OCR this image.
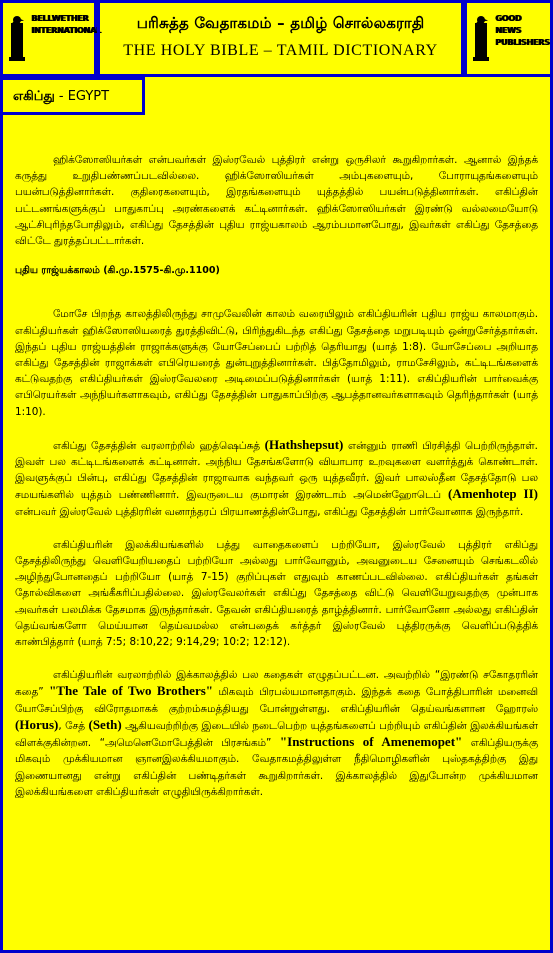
BELLWETHER
INTERNATIONAL	பரிசுத்த வேதாகமம் – தமிழ் சொல்லகராதி
THE HOLY BIBLE – TAMIL DICTIONARY
GOOD NEWS
PUBLISHERS
எகிப்து - EGYPT

ஹிக்ஸோஸியர்கள் என்பவர்கள் இஸ்ரவேல் புத்திரர் என்று ஒருசிலர் கூறுகிறார்கள். ஆனால் இந்தக் கருத்து உறுதிபண்ணப்படவில்லை. ஹிக்ஸோஸியர்கள் அம்புகளையும், போராயுதங்களையும் பயன்படுத்தினார்கள். குதிரைகளையும், இரதங்களையும் யுத்தத்தில் பயன்படுத்தினார்கள். எகிப்தின் பட்டணங்களுக்குப் பாதுகாப்பு அரண்களைக் கட்டினார்கள். ஹிக்ஸோஸியர்கள் இரண்டு வல்லமையோடு ஆட்சிபுரிந்தபோதிலும், எகிப்து தேசத்தின் புதிய ராஜ்யகாலம் ஆரம்பமானபோது, இவர்கள் எகிப்து தேசத்தை விட்டே துரத்தப்பட்டார்கள்.

புதிய ராஜ்யக்காலம் (கி.மு.1575-கி.மு.1100)

மோசே பிறந்த காலத்திலிருந்து சாமுவேலின் காலம் வரையிலும் எகிப்தியரின் புதிய ராஜ்ய காலமாகும். எகிப்தியர்கள் ஹிக்ஸோஸியரைத் துரத்திவிட்டு, பிரிந்துகிடந்த எகிப்து தேசத்தை மறுபடியும் ஒன்றுசேர்த்தார்கள். இந்தப் புதிய ராஜ்யத்தின் ராஜாக்களுக்கு யோசேப்பைப் பற்றித் தெரியாது (யாத் 1:8). யோசேப்பை அறியாத எகிப்து தேசத்தின் ராஜாக்கள் எபிரெயரைத் துன்புறுத்தினார்கள். பித்தோமிலும், ராமசேசிலும், கட்டிடங்களைக் கட்டுவதற்கு எகிப்தியர்கள் இஸ்ரவேலரை அடிமைப்படுத்தினார்கள் (யாத் 1:11). எகிப்தியரின் பார்வைக்கு எபிரெயர்கள் அந்நியர்களாகவும், எகிப்து தேசத்தின் பாதுகாப்பிற்கு ஆபத்தானவர்களாகவும் தெரிந்தார்கள் (யாத் 1:10).

எகிப்து தேசத்தின் வரலாற்றில் ஹத்ஷெப்சுத் (Hathshepsut) என்னும் ராணி பிரசித்தி பெற்றிருந்தாள். இவள் பல கட்டிடங்களைக் கட்டினாள். அந்நிய தேசங்களோடு வியாபார உறவுகளை வளர்த்துக் கொண்டாள். இவளுக்குப் பின்பு, எகிப்து தேசத்தின் ராஜாவாக வந்தவர் ஒரு யுத்தவீரர். இவர் பாலஸ்தீன தேசத்தோடு பல சமயங்களில் யுத்தம் பண்ணினார். இவருடைய குமாரன் இரண்டாம் அமென்ஹோடெப் (Amenhotep II) என்பவர் இஸ்ரவேல் புத்திரரின் வனாந்தரப் பிரயாணத்தின்போது, எகிப்து தேசத்தின் பார்வோனாக இருந்தார்.

எகிப்தியரின் இலக்கியங்களில் பத்து வாதைகளைப் பற்றியோ, இஸ்ரவேல் புத்திரர் எகிப்து தேசத்திலிருந்து வெளியேறியதைப் பற்றியோ அல்லது பார்வோனும், அவனுடைய சேனையும் செங்கடலில் அழிந்துபோனதைப் பற்றியோ (யாத் 7-15) குறிப்புகள் எதுவும் காணப்படவில்லை. எகிப்தியர்கள் தங்கள் தோல்விகளை அங்கீகரிப்பதில்லை. இஸ்ரவேலர்கள் எகிப்து தேசத்தை விட்டு வெளியேறுவதற்கு முன்பாக அவர்கள் பலமிக்க தேசமாக இருந்தார்கள். தேவன் எகிப்தியரைத் தாழ்த்தினார். பார்வோனோ அல்லது எகிப்தின் தெய்வங்களோ மெய்யான தெய்வமல்ல என்பதைக் கர்த்தர் இஸ்ரவேல் புத்திரருக்கு வெளிப்படுத்திக் காண்பித்தார் (யாத் 7:5; 8:10,22; 9:14,29; 10:2; 12:12).

எகிப்தியரின் வரலாற்றில் இக்காலத்தில் பல கதைகள் எழுதப்பட்டன. அவற்றில் “இரண்டு சகோதரரின் கதை” "The Tale of Two Brothers" மிகவும் பிரபல்யமானதாகும். இந்தக் கதை போத்திபாரின் மனைவி யோசேப்பிற்கு விரோதமாகக் குற்றம்சுமத்தியது போன்றுள்ளது. எகிப்தியரின் தெய்வங்களான ஹோரஸ் (Horus), சேத் (Seth) ஆகியவற்றிற்கு இடையில் நடைபெற்ற யுத்தங்களைப் பற்றியும் எகிப்தின் இலக்கியங்கள் விளக்குகின்றன. “அமெனெமோபேத்தின் பிரசங்கம்” "Instructions of Amenemopet" எகிப்தியருக்கு மிகவும் முக்கியமான ஞானஇலக்கியமாகும். வேதாகமத்திலுள்ள நீதிமொழிகளின் புஸ்தகத்திற்கு இது இணையானது என்று எகிப்தின் பண்டிதர்கள் கூறுகிறார்கள். இக்காலத்தில் இதுபோன்ற முக்கியமான இலக்கியங்களை எகிப்தியர்கள் எழுதியிருக்கிறார்கள்.
